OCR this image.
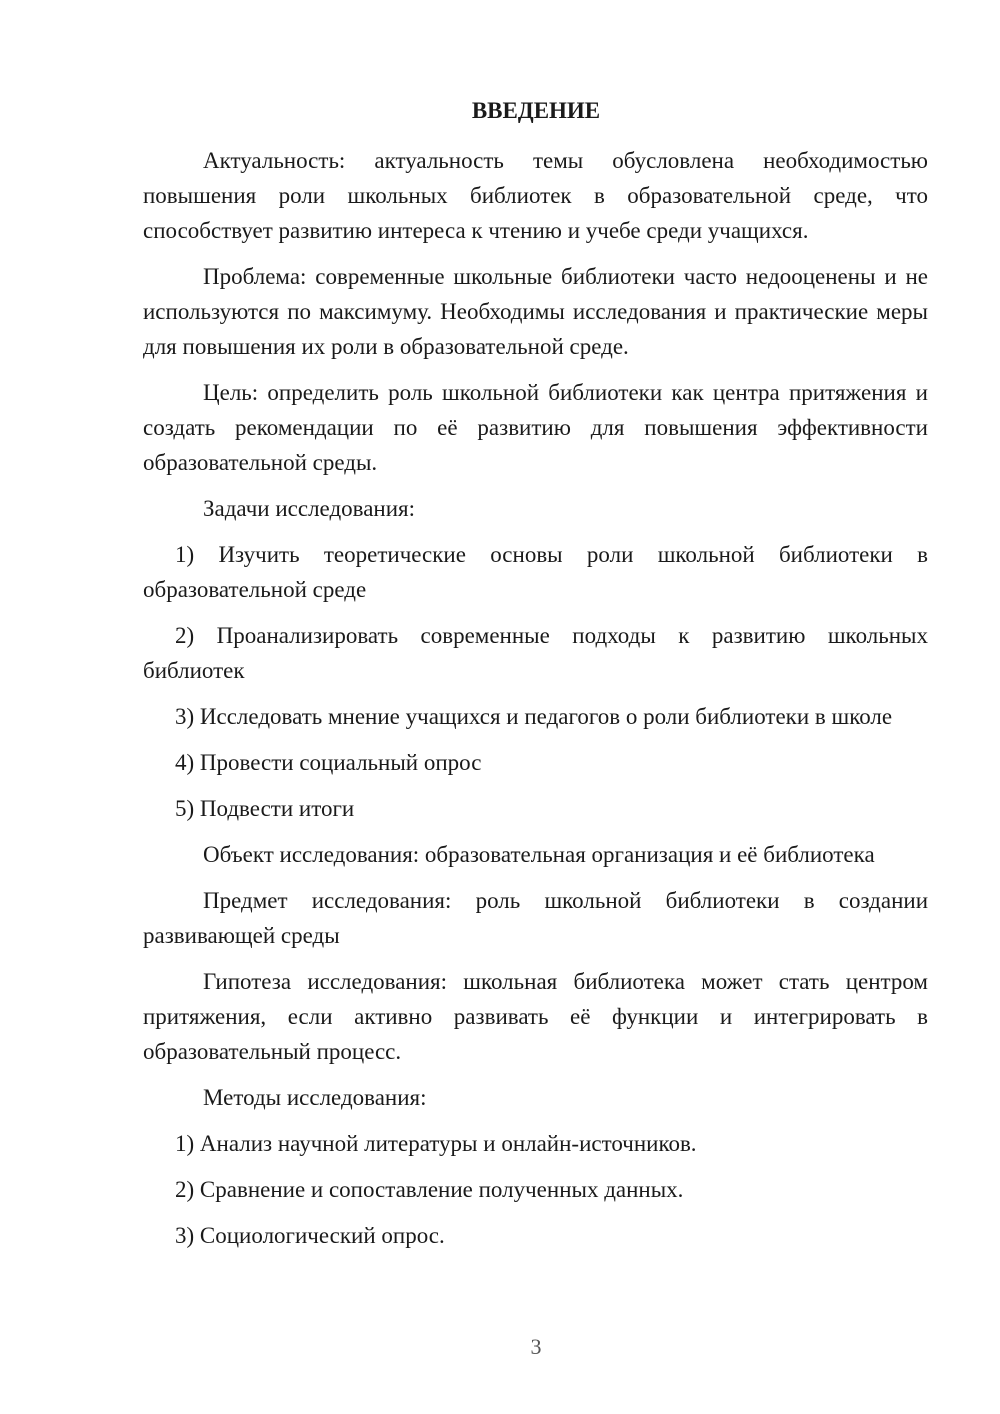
ВВЕДЕНИЕ

Актуальность: актуальность темы обусловлена необходимостью повышения роли школьных библиотек в образовательной среде, что способствует развитию интереса к чтению и учебе среди учащихся.

Проблема: современные школьные библиотеки часто недооценены и не используются по максимуму. Необходимы исследования и практические меры для повышения их роли в образовательной среде.

Цель: определить роль школьной библиотеки как центра притяжения и создать рекомендации по её развитию для повышения эффективности образовательной среды.

Задачи исследования:

1) Изучить теоретические основы роли школьной библиотеки в образовательной среде

2) Проанализировать современные подходы к развитию школьных библиотек

3) Исследовать мнение учащихся и педагогов о роли библиотеки в школе

4) Провести социальный опрос

5) Подвести итоги

Объект исследования: образовательная организация и её библиотека

Предмет исследования: роль школьной библиотеки в создании развивающей среды

Гипотеза исследования: школьная библиотека может стать центром притяжения, если активно развивать её функции и интегрировать в образовательный процесс.

Методы исследования:

1) Анализ научной литературы и онлайн-источников.

2) Сравнение и сопоставление полученных данных.

3) Социологический опрос.

3
